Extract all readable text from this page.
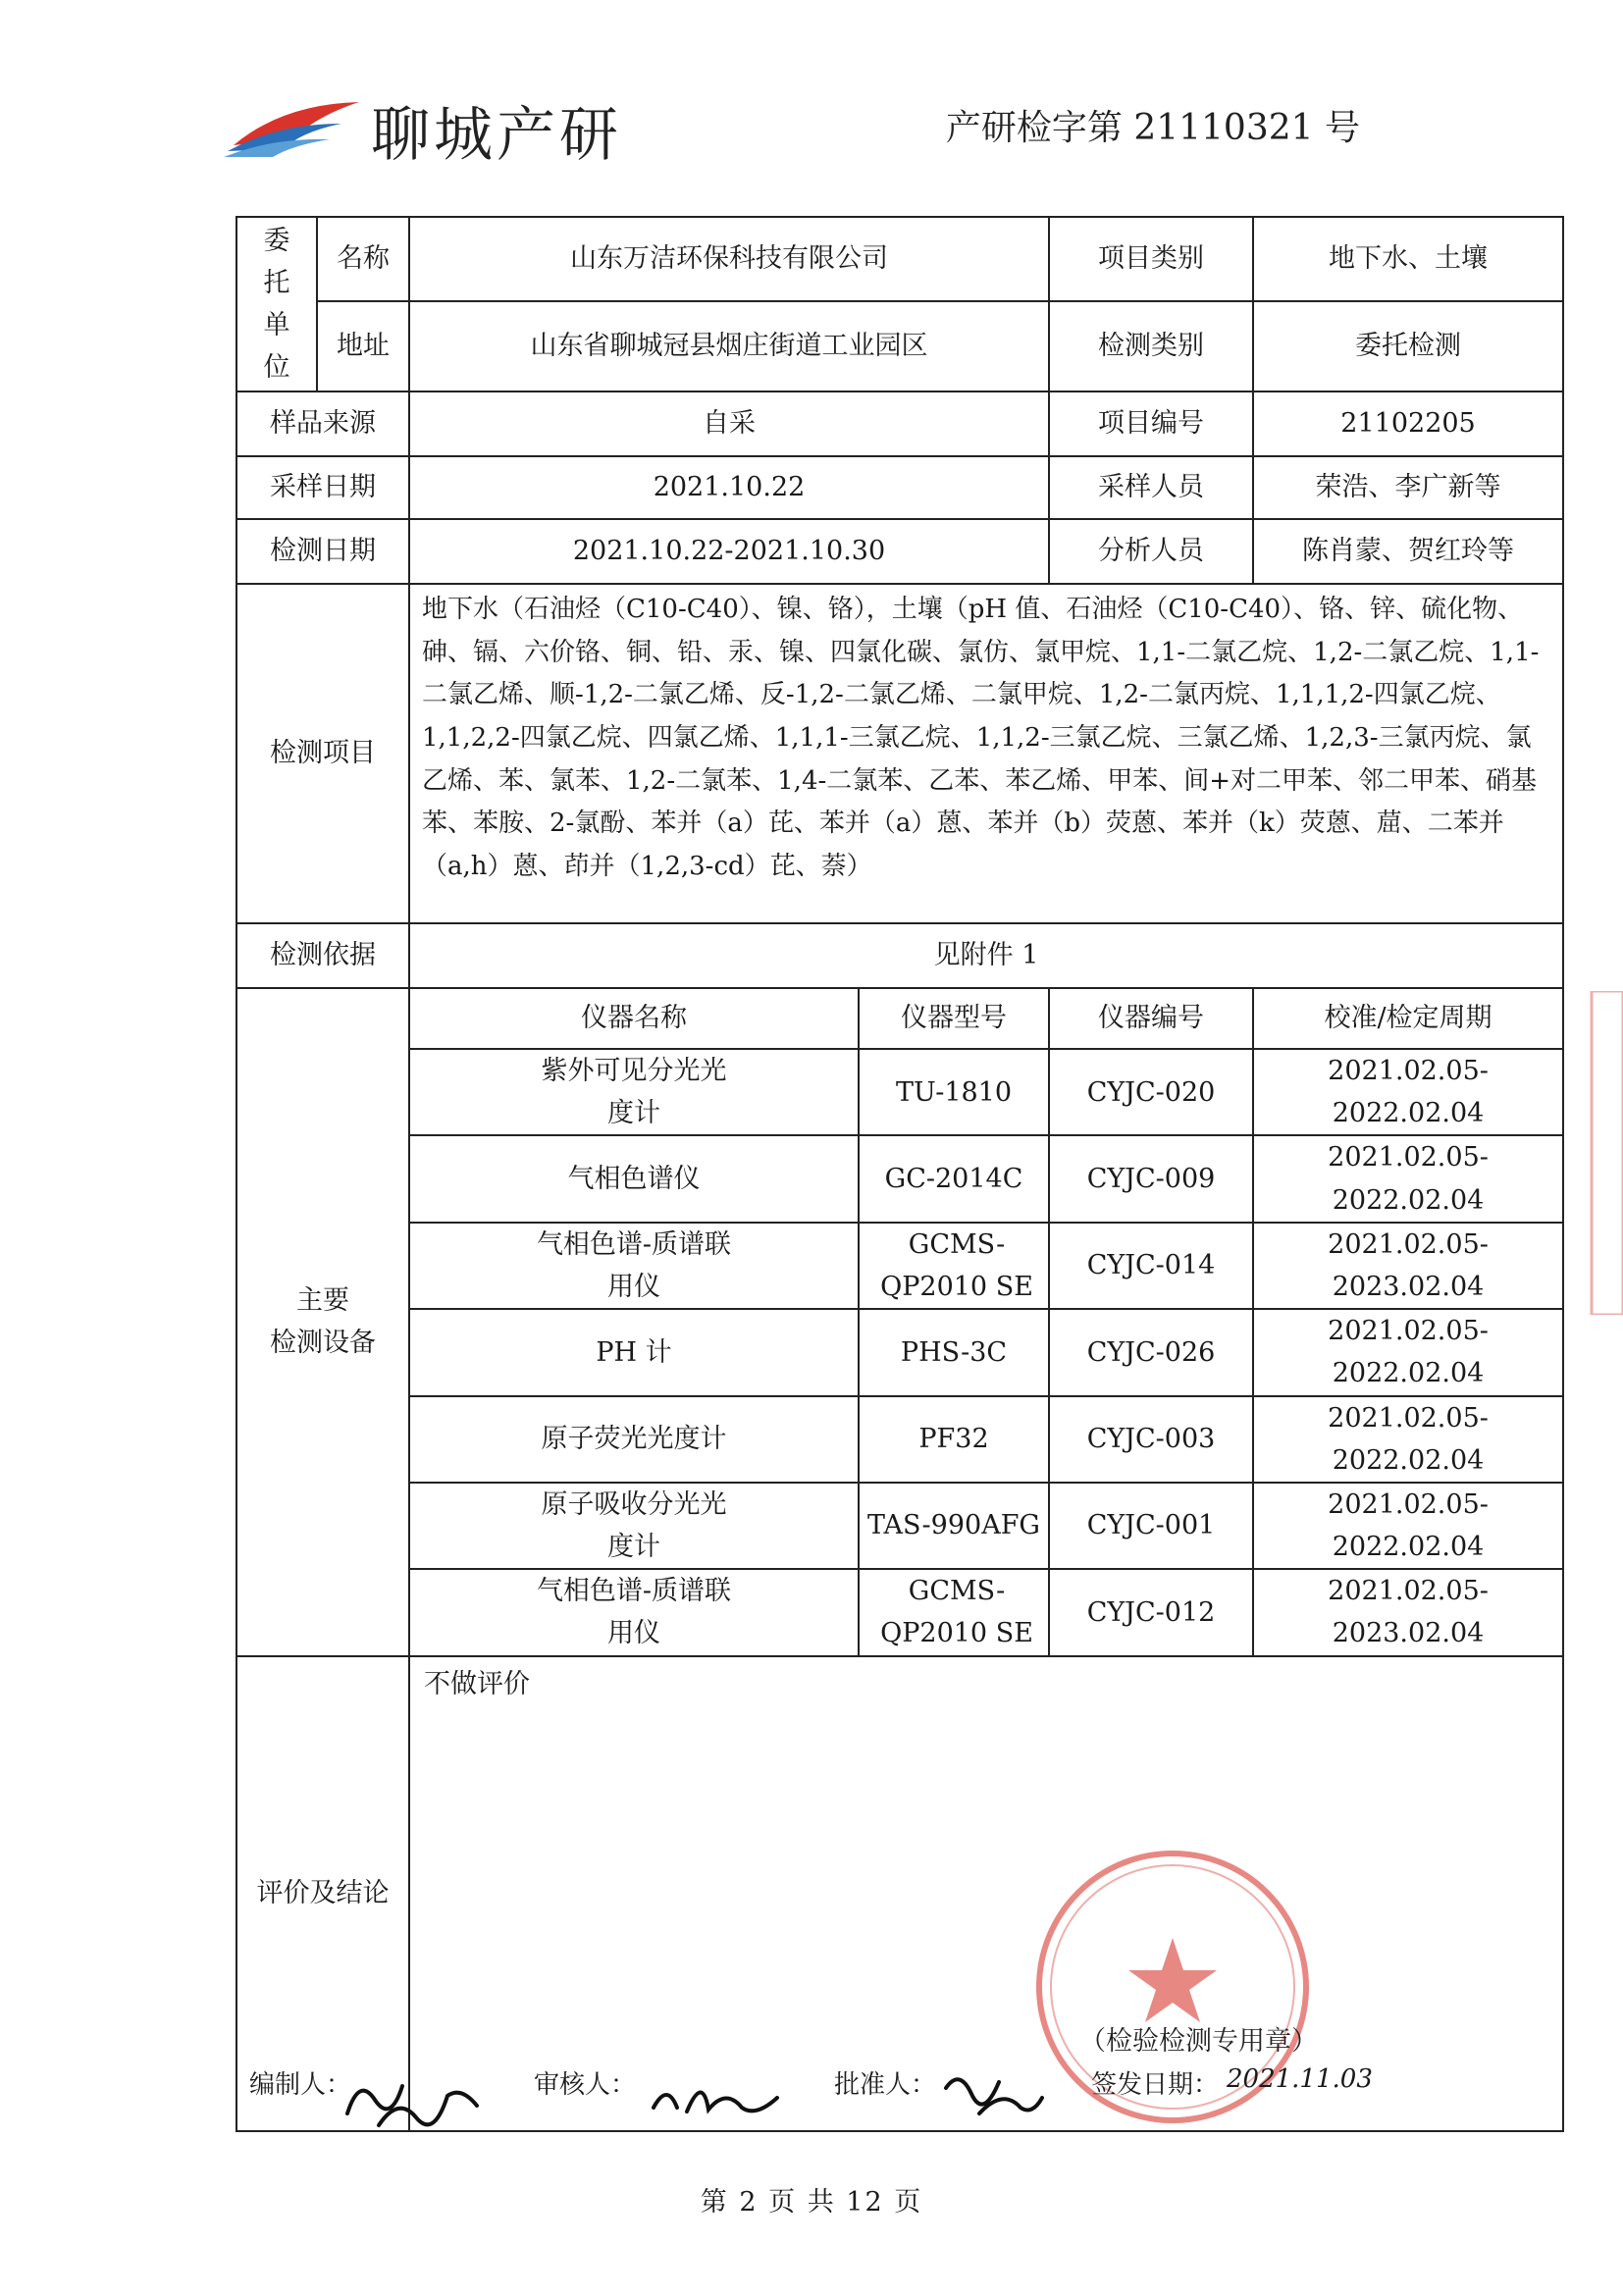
聊城产研	产研检字第 21110321 号
委
托
单
位	名称	山东万洁环保科技有限公司		项目类别	地下水、土壤
	地址	山东省聊城冠县烟庄街道工业园区		检测类别	委托检测
样品来源		自采		项目编号	21102205
采样日期		2021.10.22		采样人员	荣浩、李广新等
检测日期		2021.10.22-2021.10.30		分析人员	陈肖蒙、贺红玲等
检测项目		地下水（石油烃（C10-C40）、镍、铬），土壤（pH 值、石油烃（C10-C40）、铬、锌、硫化物、砷、镉、六价铬、铜、铅、汞、镍、四氯化碳、氯仿、氯甲烷、1,1-二氯乙烷、1,2-二氯乙烷、1,1-二氯乙烯、顺-1,2-二氯乙烯、反-1,2-二氯乙烯、二氯甲烷、1,2-二氯丙烷、1,1,1,2-四氯乙烷、1,1,2,2-四氯乙烷、四氯乙烯、1,1,1-三氯乙烷、1,1,2-三氯乙烷、三氯乙烯、1,2,3-三氯丙烷、氯乙烯、苯、氯苯、1,2-二氯苯、1,4-二氯苯、乙苯、苯乙烯、甲苯、间+对二甲苯、邻二甲苯、硝基苯、苯胺、2-氯酚、苯并（a）芘、苯并（a）蒽、苯并（b）荧蒽、苯并（k）荧蒽、䓛、二苯并（a,h）蒽、茚并（1,2,3-cd）芘、萘）			
检测依据		见附件 1			

主要
检测设备		仪器名称	仪器型号	仪器编号	校准/检定周期

		紫外可见分光光度计	TU-1810	CYJC-020	2021.02.05-2022.02.04
		气相色谱仪	GC-2014C	CYJC-009	2021.02.05-2022.02.04

		气相色谱-质谱联用仪	GCMS-QP2010 SE	CYJC-014	2021.02.05-2023.02.04
		PH 计	PHS-3C	CYJC-026	2021.02.05-2022.02.04
		原子荧光光度计	PF32	CYJC-003	2021.02.05-2022.02.04

		原子吸收分光光度计	TAS-990AFG	CYJC-001	2021.02.05-2022.02.04

		气相色谱-质谱联用仪	GCMS-QP2010 SE	CYJC-012	2021.02.05-2023.02.04
评价及结论		不做评价			
（检验检测专用章）
编制人：	审核人：	批准人：	签发日期： 2021.11.03
第 2 页 共 12 页
